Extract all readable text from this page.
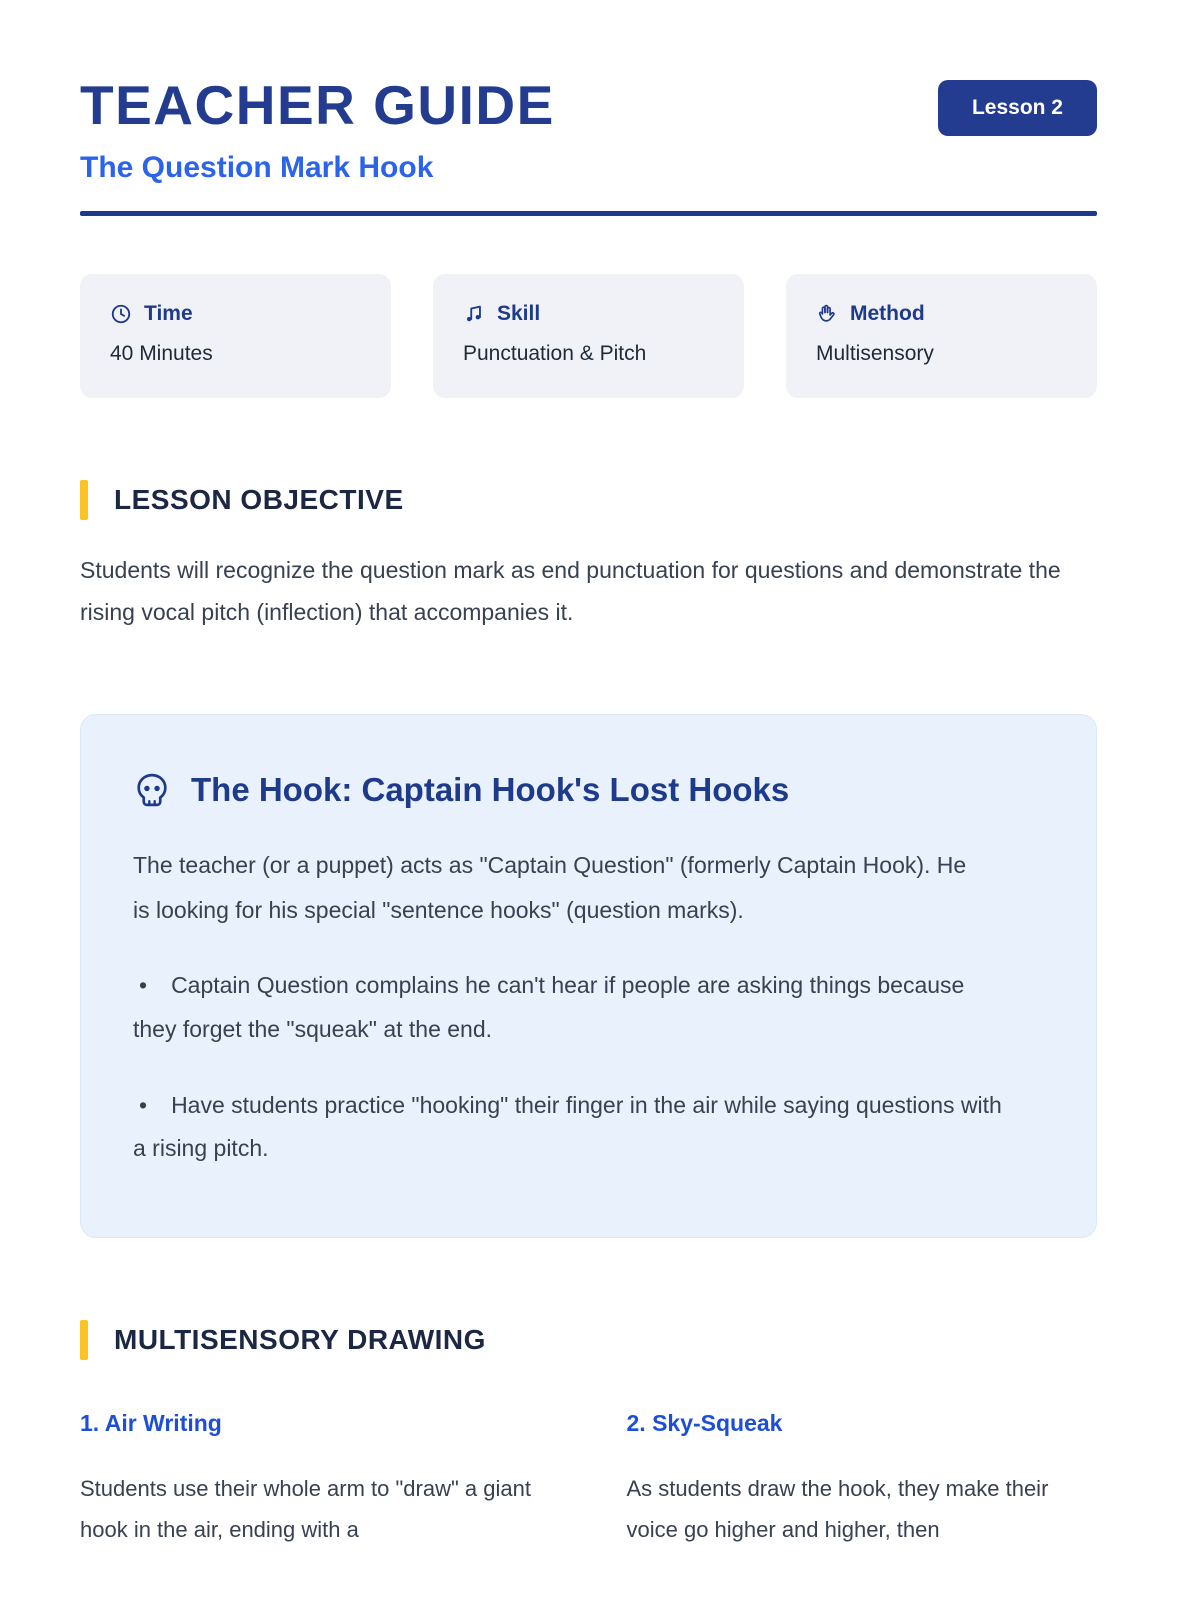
TEACHER GUIDE
The Question Mark Hook
Lesson 2
Time
40 Minutes
Skill
Punctuation & Pitch
Method
Multisensory
LESSON OBJECTIVE

Students will recognize the question mark as end punctuation for questions and demonstrate the rising vocal pitch (inflection) that accompanies it.

The Hook: Captain Hook's Lost Hooks

The teacher (or a puppet) acts as "Captain Question" (formerly Captain Hook). He is looking for his special "sentence hooks" (question marks).

• Captain Question complains he can't hear if people are asking things because they forget the "squeak" at the end.

• Have students practice "hooking" their finger in the air while saying questions with a rising pitch.

MULTISENSORY DRAWING
1. Air Writing

Students use their whole arm to "draw" a giant hook in the air, ending with a

2. Sky-Squeak

As students draw the hook, they make their voice go higher and higher, then
